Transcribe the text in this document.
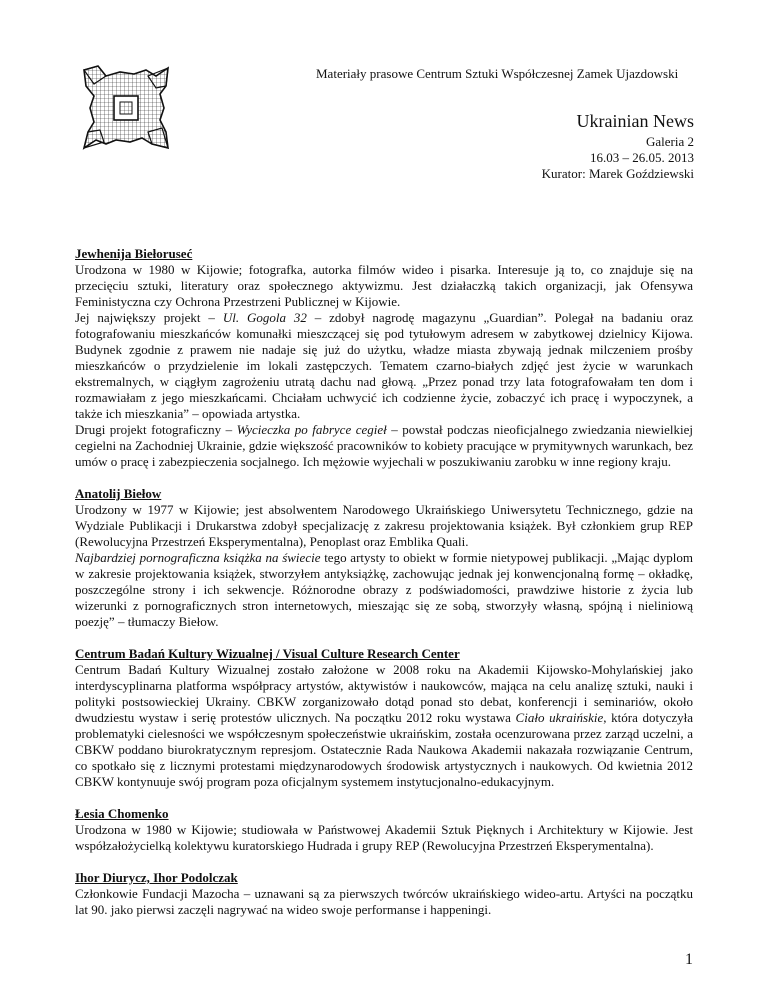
Materiały prasowe Centrum Sztuki Współczesnej Zamek Ujazdowski
Ukrainian News
Galeria 2
16.03 – 26.05. 2013
Kurator: Marek Goździewski
Jewhenija Biełoruseć

Urodzona w 1980 w Kijowie; fotografka, autorka filmów wideo i pisarka. Interesuje ją to, co znajduje się na przecięciu sztuki, literatury oraz społecznego aktywizmu. Jest działaczką takich organizacji, jak Ofensywa Feministyczna czy Ochrona Przestrzeni Publicznej w Kijowie.

Jej największy projekt – Ul. Gogola 32 – zdobył nagrodę magazynu „Guardian”. Polegał na badaniu oraz fotografowaniu mieszkańców komunałki mieszczącej się pod tytułowym adresem w zabytkowej dzielnicy Kijowa. Budynek zgodnie z prawem nie nadaje się już do użytku, władze miasta zbywają jednak milczeniem prośby mieszkańców o przydzielenie im lokali zastępczych. Tematem czarno-białych zdjęć jest życie w warunkach ekstremalnych, w ciągłym zagrożeniu utratą dachu nad głową. „Przez ponad trzy lata fotografowałam ten dom i rozmawiałam z jego mieszkańcami. Chciałam uchwycić ich codzienne życie, zobaczyć ich pracę i wypoczynek, a także ich mieszkania” – opowiada artystka.

Drugi projekt fotograficzny – Wycieczka po fabryce cegieł – powstał podczas nieoficjalnego zwiedzania niewielkiej cegielni na Zachodniej Ukrainie, gdzie większość pracowników to kobiety pracujące w prymitywnych warunkach, bez umów o pracę i zabezpieczenia socjalnego. Ich mężowie wyjechali w poszukiwaniu zarobku w inne regiony kraju.

Anatolij Biełow

Urodzony w 1977 w Kijowie; jest absolwentem Narodowego Ukraińskiego Uniwersytetu Technicznego, gdzie na Wydziale Publikacji i Drukarstwa zdobył specjalizację z zakresu projektowania książek. Był członkiem grup REP (Rewolucyjna Przestrzeń Eksperymentalna), Penoplast oraz Emblika Quali.

Najbardziej pornograficzna książka na świecie tego artysty to obiekt w formie nietypowej publikacji. „Mając dyplom w zakresie projektowania książek, stworzyłem antyksiążkę, zachowując jednak jej konwencjonalną formę – okładkę, poszczególne strony i ich sekwencje. Różnorodne obrazy z podświadomości, prawdziwe historie z życia lub wizerunki z pornograficznych stron internetowych, mieszając się ze sobą, stworzyły własną, spójną i nieliniową poezję” – tłumaczy Biełow.

Centrum Badań Kultury Wizualnej / Visual Culture Research Center

Centrum Badań Kultury Wizualnej zostało założone w 2008 roku na Akademii Kijowsko-Mohylańskiej jako interdyscyplinarna platforma współpracy artystów, aktywistów i naukowców, mająca na celu analizę sztuki, nauki i polityki postsowieckiej Ukrainy. CBKW zorganizowało dotąd ponad sto debat, konferencji i seminariów, około dwudziestu wystaw i serię protestów ulicznych. Na początku 2012 roku wystawa Ciało ukraińskie, która dotyczyła problematyki cielesności we współczesnym społeczeństwie ukraińskim, została ocenzurowana przez zarząd uczelni, a CBKW poddano biurokratycznym represjom. Ostatecznie Rada Naukowa Akademii nakazała rozwiązanie Centrum, co spotkało się z licznymi protestami międzynarodowych środowisk artystycznych i naukowych. Od kwietnia 2012 CBKW kontynuuje swój program poza oficjalnym systemem instytucjonalno-edukacyjnym.

Łesia Chomenko

Urodzona w 1980 w Kijowie; studiowała w Państwowej Akademii Sztuk Pięknych i Architektury w Kijowie. Jest współzałożycielką kolektywu kuratorskiego Hudrada i grupy REP (Rewolucyjna Przestrzeń Eksperymentalna).

Ihor Diurycz, Ihor Podolczak

Członkowie Fundacji Mazocha – uznawani są za pierwszych twórców ukraińskiego wideo-artu. Artyści na początku lat 90. jako pierwsi zaczęli nagrywać na wideo swoje performanse i happeningi.

1
